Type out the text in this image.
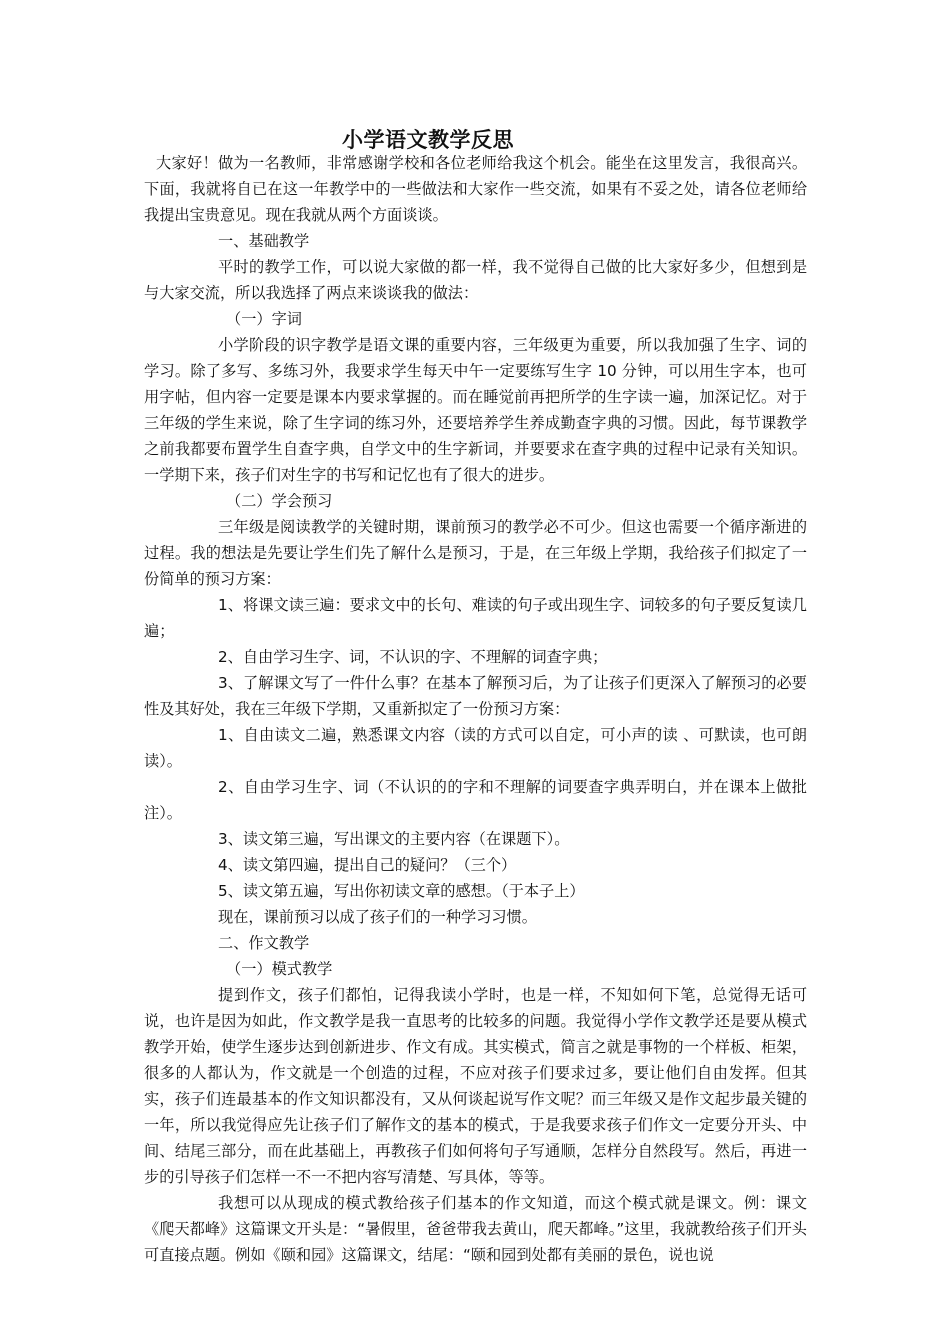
小学语文教学反思

大家好！做为一名教师，非常感谢学校和各位老师给我这个机会。能坐在这里发言，我很高兴。下面，我就将自已在这一年教学中的一些做法和大家作一些交流，如果有不妥之处，请各位老师给我提出宝贵意见。现在我就从两个方面谈谈。

一、基础教学

平时的教学工作，可以说大家做的都一样，我不觉得自己做的比大家好多少，但想到是与大家交流，所以我选择了两点来谈谈我的做法：

（一）字词

小学阶段的识字教学是语文课的重要内容，三年级更为重要，所以我加强了生字、词的学习。除了多写、多练习外，我要求学生每天中午一定要练写生字 10 分钟，可以用生字本，也可用字帖，但内容一定要是课本内要求掌握的。而在睡觉前再把所学的生字读一遍，加深记忆。对于三年级的学生来说，除了生字词的练习外，还要培养学生养成勤查字典的习惯。因此，每节课教学之前我都要布置学生自查字典，自学文中的生字新词，并要要求在查字典的过程中记录有关知识。一学期下来，孩子们对生字的书写和记忆也有了很大的进步。

（二）学会预习

三年级是阅读教学的关键时期，课前预习的教学必不可少。但这也需要一个循序渐进的过程。我的想法是先要让学生们先了解什么是预习，于是，在三年级上学期，我给孩子们拟定了一份简单的预习方案：

1、将课文读三遍：要求文中的长句、难读的句子或出现生字、词较多的句子要反复读几遍；

2、自由学习生字、词，不认识的字、不理解的词查字典；

3、了解课文写了一件什么事？在基本了解预习后，为了让孩子们更深入了解预习的必要性及其好处，我在三年级下学期，又重新拟定了一份预习方案：

1、自由读文二遍，熟悉课文内容（读的方式可以自定，可小声的读 、可默读，也可朗读）。

2、自由学习生字、词（不认识的的字和不理解的词要查字典弄明白，并在课本上做批注）。

3、读文第三遍，写出课文的主要内容（在课题下）。

4、读文第四遍，提出自己的疑问？（三个）

5、读文第五遍，写出你初读文章的感想。（于本子上）

现在，课前预习以成了孩子们的一种学习习惯。

二、作文教学

（一）模式教学

提到作文，孩子们都怕，记得我读小学时，也是一样，不知如何下笔，总觉得无话可说，也许是因为如此，作文教学是我一直思考的比较多的问题。我觉得小学作文教学还是要从模式教学开始，使学生逐步达到创新进步、作文有成。其实模式，简言之就是事物的一个样板、柜架，很多的人都认为，作文就是一个创造的过程，不应对孩子们要求过多，要让他们自由发挥。但其实，孩子们连最基本的作文知识都没有，又从何谈起说写作文呢？而三年级又是作文起步最关键的一年，所以我觉得应先让孩子们了解作文的基本的模式，于是我要求孩子们作文一定要分开头、中间、结尾三部分，而在此基础上，再教孩子们如何将句子写通顺，怎样分自然段写。然后，再进一步的引导孩子们怎样一不一不把内容写清楚、写具体，等等。

我想可以从现成的模式教给孩子们基本的作文知道，而这个模式就是课文。例：课文《爬天都峰》这篇课文开头是：“暑假里，爸爸带我去黄山，爬天都峰。”这里，我就教给孩子们开头可直接点题。例如《颐和园》这篇课文，结尾：“颐和园到处都有美丽的景色，说也说
